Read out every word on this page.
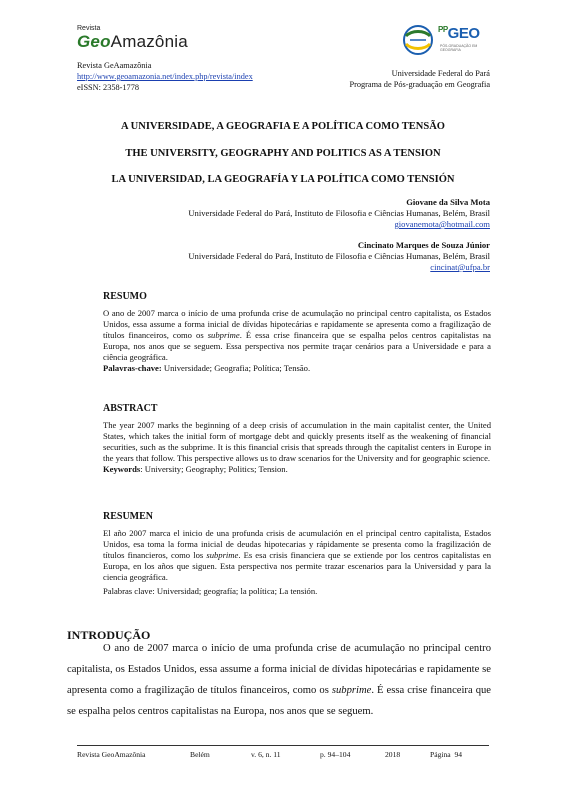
Revista
GeoAmazônia
Revista GeAamazônia
http://www.geoamazonia.net/index.php/revista/index
eISSN: 2358-1778
$^{PP}$GEO
PÓS-GRADUAÇÃO EM GEOGRAFIA
Universidade Federal do Pará
Programa de Pós-graduação em Geografia
A UNIVERSIDADE, A GEOGRAFIA E A POLÍTICA COMO TENSÃO
THE UNIVERSITY, GEOGRAPHY AND POLITICS AS A TENSION
LA UNIVERSIDAD, LA GEOGRAFÍA Y LA POLÍTICA COMO TENSIÓN
Giovane da Silva Mota
Universidade Federal do Pará, Instituto de Filosofia e Ciências Humanas, Belém, Brasil
giovanemota@hotmail.com
Cincinato Marques de Souza Júnior
Universidade Federal do Pará, Instituto de Filosofia e Ciências Humanas, Belém, Brasil
cincinat@ufpa.br
RESUMO
O ano de 2007 marca o início de uma profunda crise de acumulação no principal centro capitalista, os Estados Unidos, essa assume a forma inicial de dívidas hipotecárias e rapidamente se apresenta como a fragilização de títulos financeiros, como os subprime. É essa crise financeira que se espalha pelos centros capitalistas na Europa, nos anos que se seguem. Essa perspectiva nos permite traçar cenários para a Universidade e para a ciência geográfica.
Palavras-chave: Universidade; Geografia; Política; Tensão.
ABSTRACT
The year 2007 marks the beginning of a deep crisis of accumulation in the main capitalist center, the United States, which takes the initial form of mortgage debt and quickly presents itself as the weakening of financial securities, such as the subprime. It is this financial crisis that spreads through the capitalist centers in Europe in the years that follow. This perspective allows us to draw scenarios for the University and for geographic science.
Keywords: University; Geography; Politics; Tension.
RESUMEN
El año 2007 marca el inicio de una profunda crisis de acumulación en el principal centro capitalista, Estados Unidos, esa toma la forma inicial de deudas hipotecarias y rápidamente se presenta como la fragilización de títulos financieros, como los subprime. Es esa crisis financiera que se extiende por los centros capitalistas en Europa, en los años que siguen. Esta perspectiva nos permite trazar escenarios para la Universidad y para la ciencia geográfica.
Palabras clave: Universidad; geografía; la política; La tensión.
INTRODUÇÃO

O ano de 2007 marca o início de uma profunda crise de acumulação no principal centro capitalista, os Estados Unidos, essa assume a forma inicial de dívidas hipotecárias e rapidamente se apresenta como a fragilização de títulos financeiros, como os subprime. É essa crise financeira que se espalha pelos centros capitalistas na Europa, nos anos que se seguem.

Revista GeoAmazônia	Belém	v. 6, n. 11	p. 94–104	2018	Página 94
